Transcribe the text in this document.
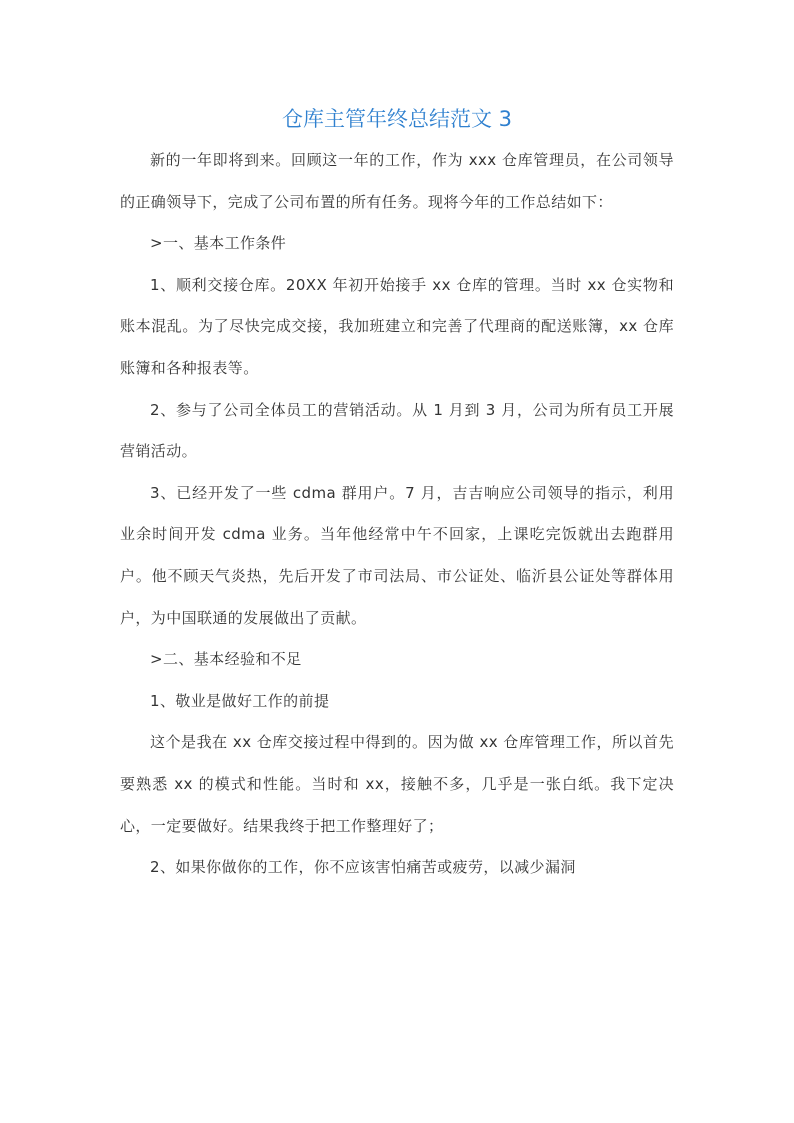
仓库主管年终总结范文 3

新的一年即将到来。回顾这一年的工作，作为 xxx 仓库管理员，在公司领导的正确领导下，完成了公司布置的所有任务。现将今年的工作总结如下：

>一、基本工作条件

1、顺利交接仓库。20XX 年初开始接手 xx 仓库的管理。当时 xx 仓实物和账本混乱。为了尽快完成交接，我加班建立和完善了代理商的配送账簿，xx 仓库账簿和各种报表等。

2、参与了公司全体员工的营销活动。从 1 月到 3 月，公司为所有员工开展营销活动。

3、已经开发了一些 cdma 群用户。7 月，吉吉响应公司领导的指示，利用业余时间开发 cdma 业务。当年他经常中午不回家，上课吃完饭就出去跑群用户。他不顾天气炎热，先后开发了市司法局、市公证处、临沂县公证处等群体用户，为中国联通的发展做出了贡献。

>二、基本经验和不足

1、敬业是做好工作的前提

这个是我在 xx 仓库交接过程中得到的。因为做 xx 仓库管理工作，所以首先要熟悉 xx 的模式和性能。当时和 xx，接触不多，几乎是一张白纸。我下定决心，一定要做好。结果我终于把工作整理好了；

2、如果你做你的工作，你不应该害怕痛苦或疲劳，以减少漏洞
